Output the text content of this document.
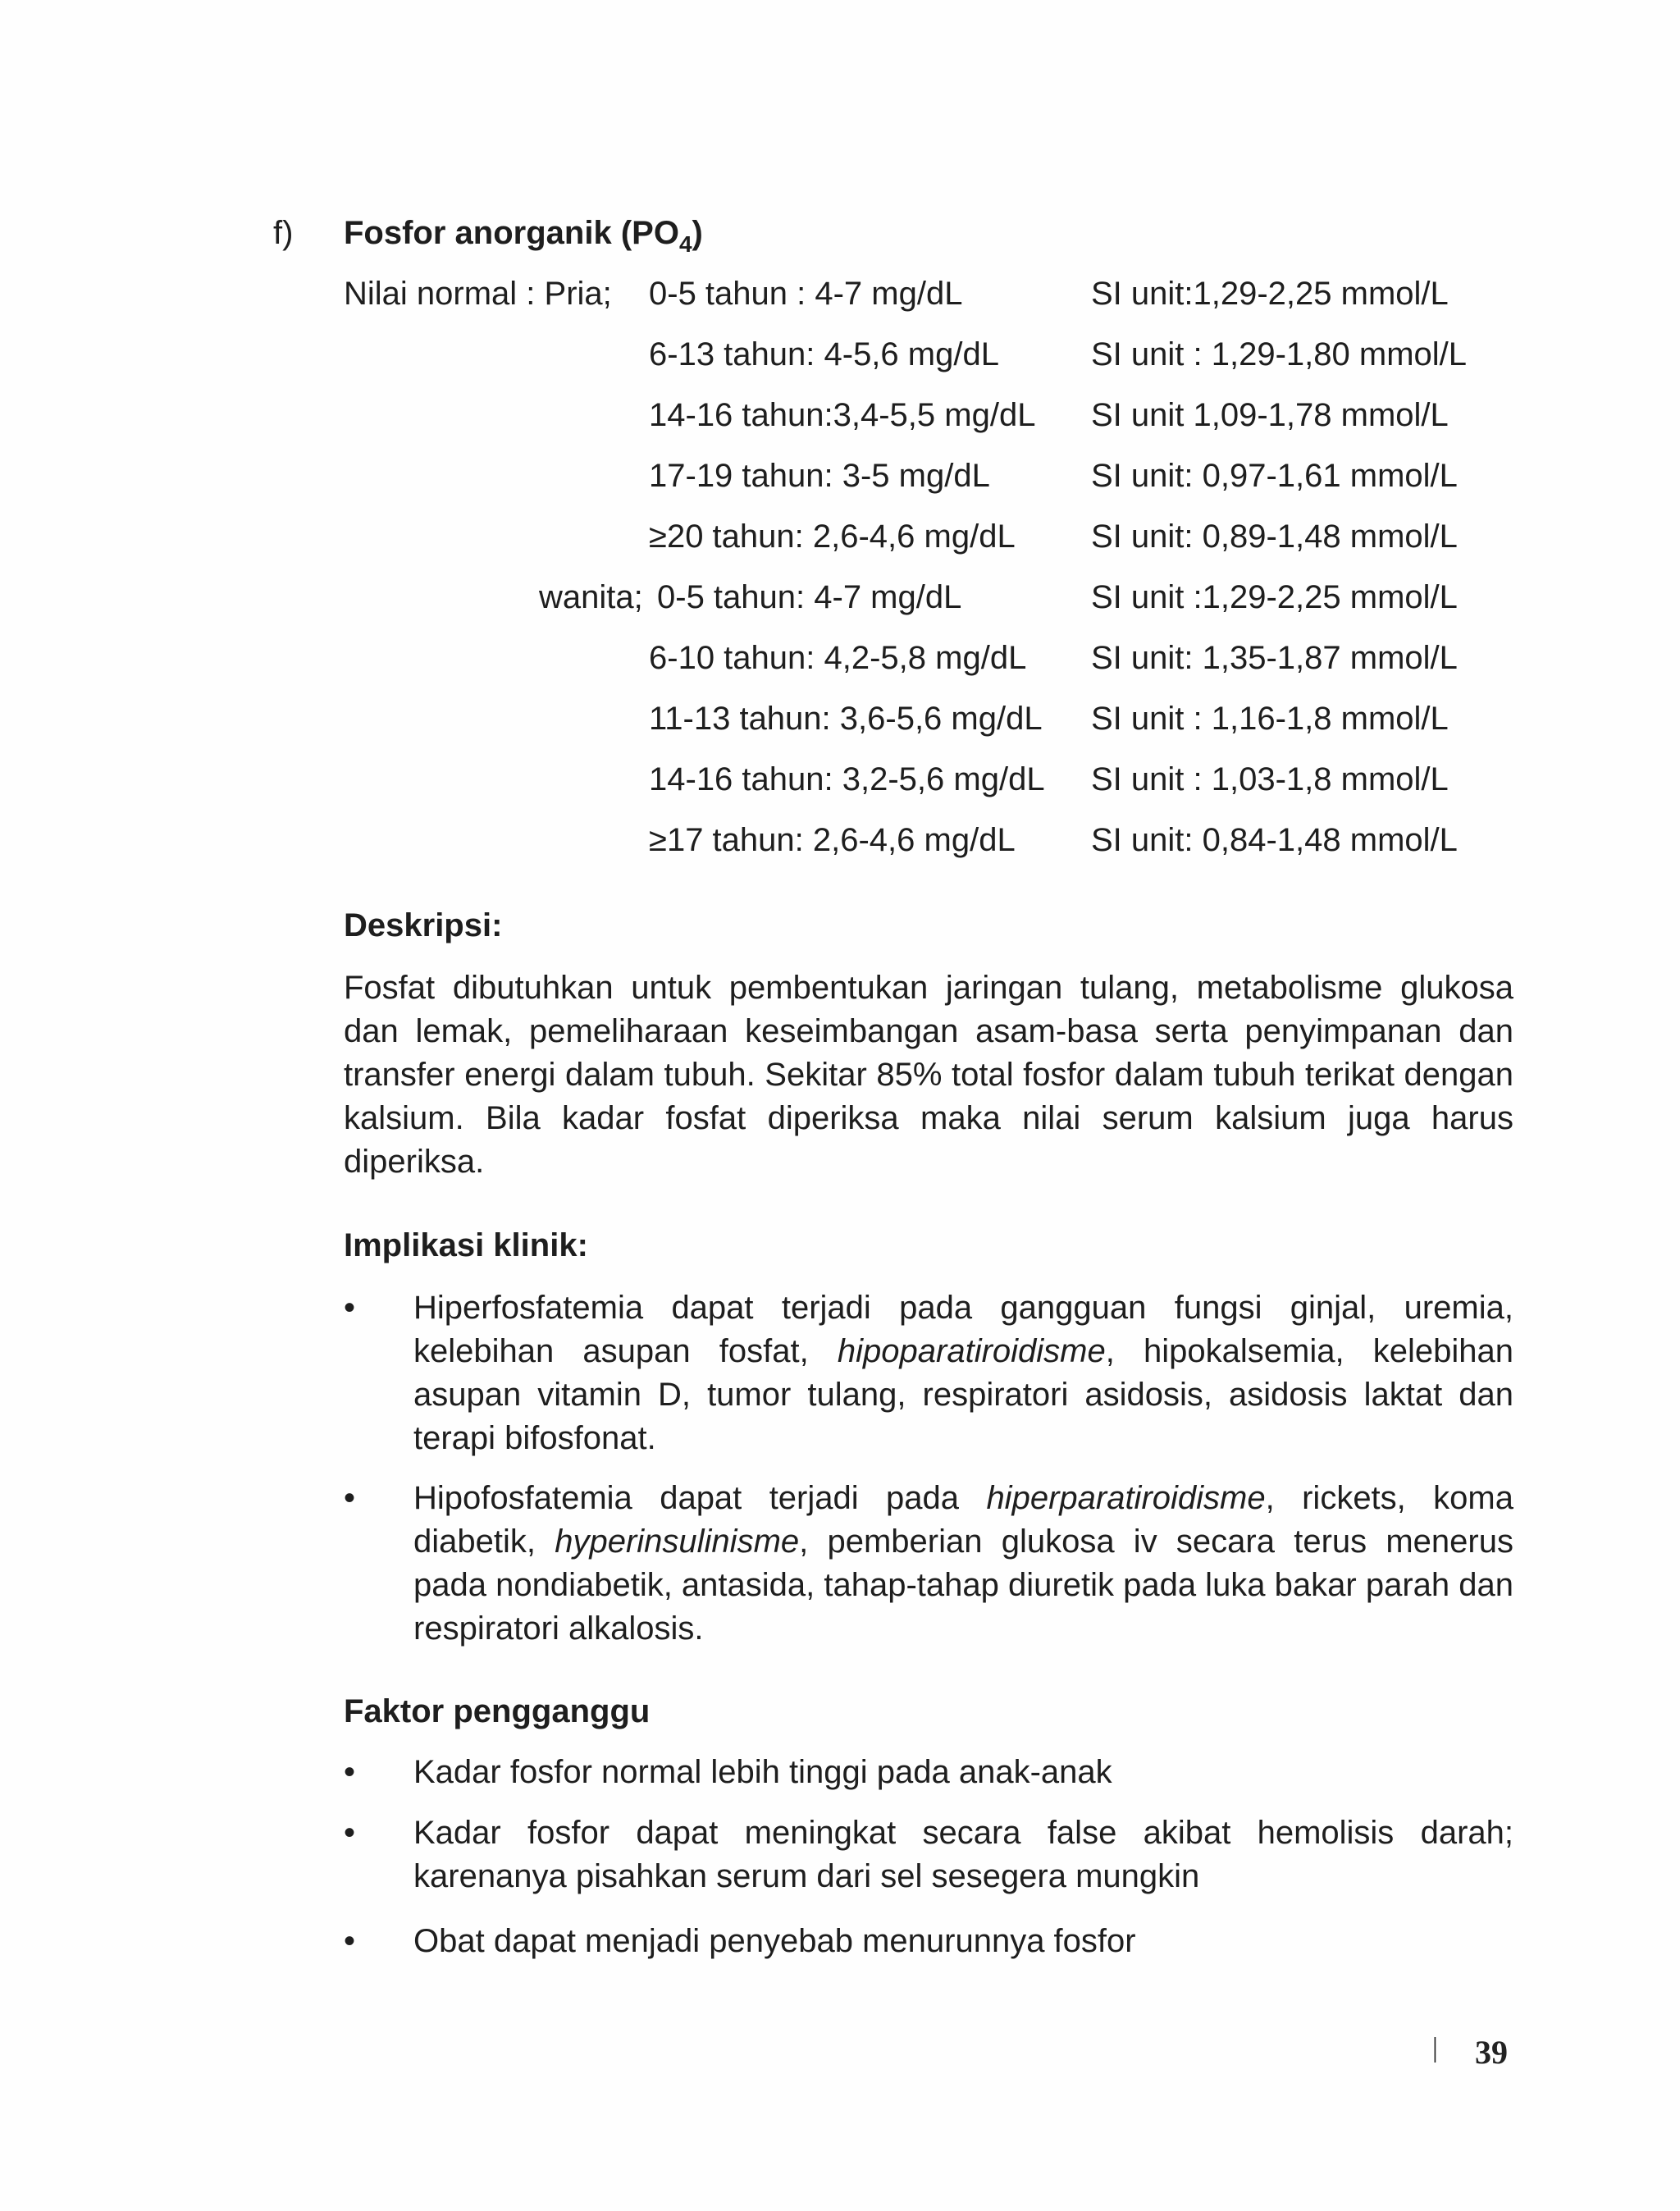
f) Fosfor anorganik $(PO_4)$
Nilai normal : Pria; 0-5 tahun : 4-7 mg/dL	SI unit:1,29-2,25 mmol/L
6-13 tahun: 4-5,6 mg/dL	SI unit : 1,29-1,80 mmol/L
14-16 tahun:3,4-5,5 mg/dL SI unit 1,09-1,78 mmol/L
17-19 tahun: 3-5 mg/dL	SI unit: 0,97-1,61 mmol/L
≥20 tahun: 2,6-4,6 mg/dL SI unit: 0,89-1,48 mmol/L
wanita; 0-5 tahun: 4-7 mg/dL	SI unit :1,29-2,25 mmol/L
6-10 tahun: 4,2-5,8 mg/dL SI unit: 1,35-1,87 mmol/L
11-13 tahun: 3,6-5,6 mg/dL SI unit : 1,16-1,8 mmol/L
14-16 tahun: 3,2-5,6 mg/dL SI unit : 1,03-1,8 mmol/L
≥17 tahun: 2,6-4,6 mg/dL SI unit: 0,84-1,48 mmol/L
Deskripsi:
Fosfat dibutuhkan untuk pembentukan jaringan tulang, metabolisme glukosa dan lemak, pemeliharaan keseimbangan asam-basa serta penyimpanan dan transfer energi dalam tubuh. Sekitar 85% total fosfor dalam tubuh terikat dengan kalsium. Bila kadar fosfat diperiksa maka nilai serum kalsium juga harus diperiksa.
Implikasi klinik:
• Hiperfosfatemia dapat terjadi pada gangguan fungsi ginjal, uremia, kelebihan asupan fosfat, hipoparatiroidisme, hipokalsemia, kelebihan asupan vitamin D, tumor tulang, respiratori asidosis, asidosis laktat dan terapi bifosfonat.
• Hipofosfatemia dapat terjadi pada hiperparatiroidisme, rickets, koma diabetik, hyperinsulinisme, pemberian glukosa iv secara terus menerus pada nondiabetik, antasida, tahap-tahap diuretik pada luka bakar parah dan respiratori alkalosis.
Faktor pengganggu
• Kadar fosfor normal lebih tinggi pada anak-anak
• Kadar fosfor dapat meningkat secara false akibat hemolisis darah; karenanya pisahkan serum dari sel sesegera mungkin
• Obat dapat menjadi penyebab menurunnya fosfor
| 39
